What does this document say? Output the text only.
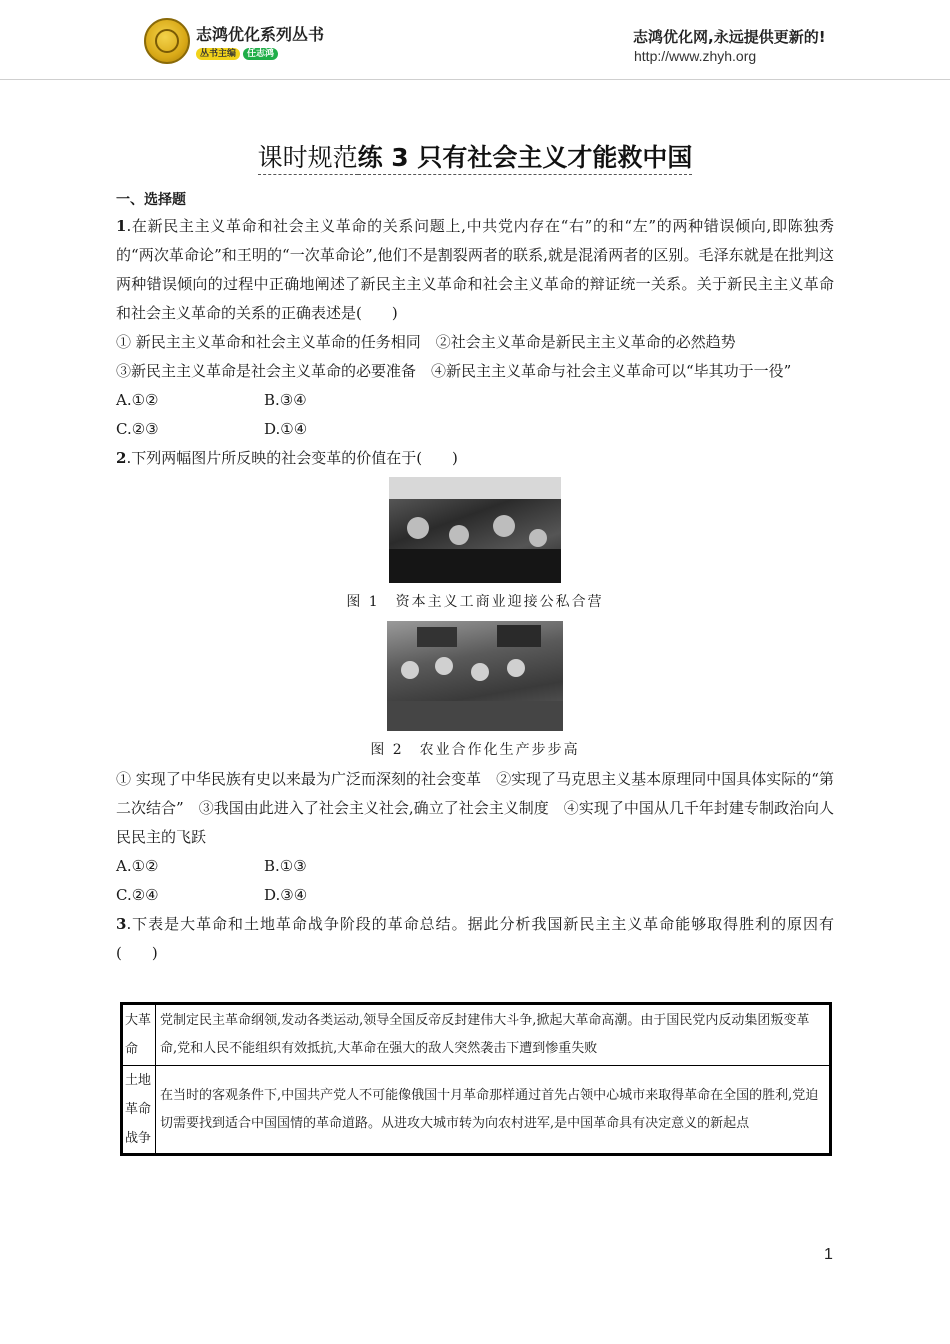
志鸿优化系列丛书
丛书主编 任志鸿
志鸿优化网,永远提供更新的!
http://www.zhyh.org
课时规范练 3 只有社会主义才能救中国
一、选择题

1.在新民主主义革命和社会主义革命的关系问题上,中共党内存在“右”的和“左”的两种错误倾向,即陈独秀的“两次革命论”和王明的“一次革命论”,他们不是割裂两者的联系,就是混淆两者的区别。毛泽东就是在批判这两种错误倾向的过程中正确地阐述了新民主主义革命和社会主义革命的辩证统一关系。关于新民主主义革命和社会主义革命的关系的正确表述是(　　)

① 新民主主义革命和社会主义革命的任务相同　②社会主义革命是新民主主义革命的必然趋势

③新民主主义革命是社会主义革命的必要准备　④新民主主义革命与社会主义革命可以“毕其功于一役”

A.①②	B.③④
C.②③	D.①④

2.下列两幅图片所反映的社会变革的价值在于(　　)

图 1　资本主义工商业迎接公私合营
图 2　农业合作化生产步步高

① 实现了中华民族有史以来最为广泛而深刻的社会变革　②实现了马克思主义基本原理同中国具体实际的“第二次结合”　③我国由此进入了社会主义社会,确立了社会主义制度　④实现了中国从几千年封建专制政治向人民民主的飞跃

A.①②	B.①③
C.②④	D.③④

3.下表是大革命和土地革命战争阶段的革命总结。据此分析我国新民主主义革命能够取得胜利的原因有　　　　　　(　　)

大革命	党制定民主革命纲领,发动各类运动,领导全国反帝反封建伟大斗争,掀起大革命高潮。由于国民党内反动集团叛变革命,党和人民不能组织有效抵抗,大革命在强大的敌人突然袭击下遭到惨重失败
土地革命战争	在当时的客观条件下,中国共产党人不可能像俄国十月革命那样通过首先占领中心城市来取得革命在全国的胜利,党迫切需要找到适合中国国情的革命道路。从进攻大城市转为向农村进军,是中国革命具有决定意义的新起点
1
